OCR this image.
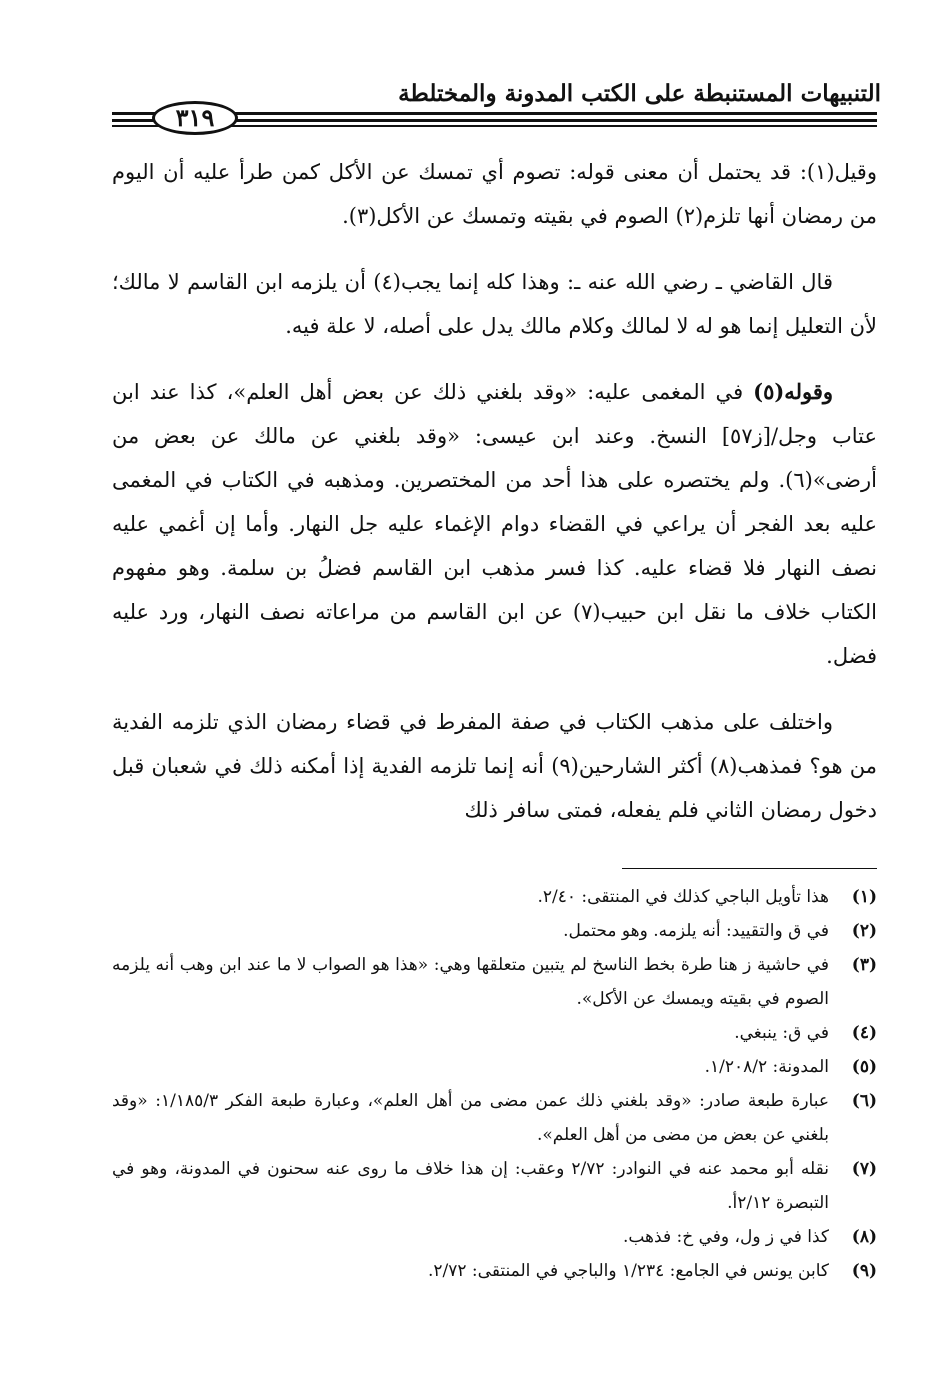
التنبيهات المستنبطة على الكتب المدونة والمختلطة
٣١٩

وقيل(١): قد يحتمل أن معنى قوله: تصوم أي تمسك عن الأكل كمن طرأ عليه أن اليوم من رمضان أنها تلزم(٢) الصوم في بقيته وتمسك عن الأكل(٣).

قال القاضي ـ رضي الله عنه ـ: وهذا كله إنما يجب(٤) أن يلزمه ابن القاسم لا مالك؛ لأن التعليل إنما هو له لا لمالك وكلام مالك يدل على أصله، لا علة فيه.

وقوله(٥) في المغمى عليه: «وقد بلغني ذلك عن بعض أهل العلم»، كذا عند ابن عتاب وجل/[ز٥٧] النسخ. وعند ابن عيسى: «وقد بلغني عن مالك عن بعض من أرضى»(٦). ولم يختصره على هذا أحد من المختصرين. ومذهبه في الكتاب في المغمى عليه بعد الفجر أن يراعي في القضاء دوام الإغماء عليه جل النهار. وأما إن أغمي عليه نصف النهار فلا قضاء عليه. كذا فسر مذهب ابن القاسم فضلُ بن سلمة. وهو مفهوم الكتاب خلاف ما نقل ابن حبيب(٧) عن ابن القاسم من مراعاته نصف النهار، ورد عليه فضل.

واختلف على مذهب الكتاب في صفة المفرط في قضاء رمضان الذي تلزمه الفدية من هو؟ فمذهب(٨) أكثر الشارحين(٩) أنه إنما تلزمه الفدية إذا أمكنه ذلك في شعبان قبل دخول رمضان الثاني فلم يفعله، فمتى سافر ذلك

(١)
هذا تأويل الباجي كذلك في المنتقى: ٢/٤٠.
(٢)
في ق والتقييد: أنه يلزمه. وهو محتمل.
(٣)
في حاشية ز هنا طرة بخط الناسخ لم يتبين متعلقها وهي: «هذا هو الصواب لا ما عند ابن وهب أنه يلزمه الصوم في بقيته ويمسك عن الأكل».
(٤)
في ق: ينبغي.
(٥)
المدونة: ١/٢٠٨/٢.
(٦)
عبارة طبعة صادر: «وقد بلغني ذلك عمن مضى من أهل العلم»، وعبارة طبعة الفكر ١/١٨٥/٣: «وقد بلغني عن بعض من مضى من أهل العلم».
(٧)
نقله أبو محمد عنه في النوادر: ٢/٧٢ وعقب: إن هذا خلاف ما روى عنه سحنون في المدونة، وهو في التبصرة ٢/١٢أ.
(٨)
كذا في ز ول، وفي خ: فذهب.
(٩)
كابن يونس في الجامع: ١/٢٣٤ والباجي في المنتقى: ٢/٧٢.
